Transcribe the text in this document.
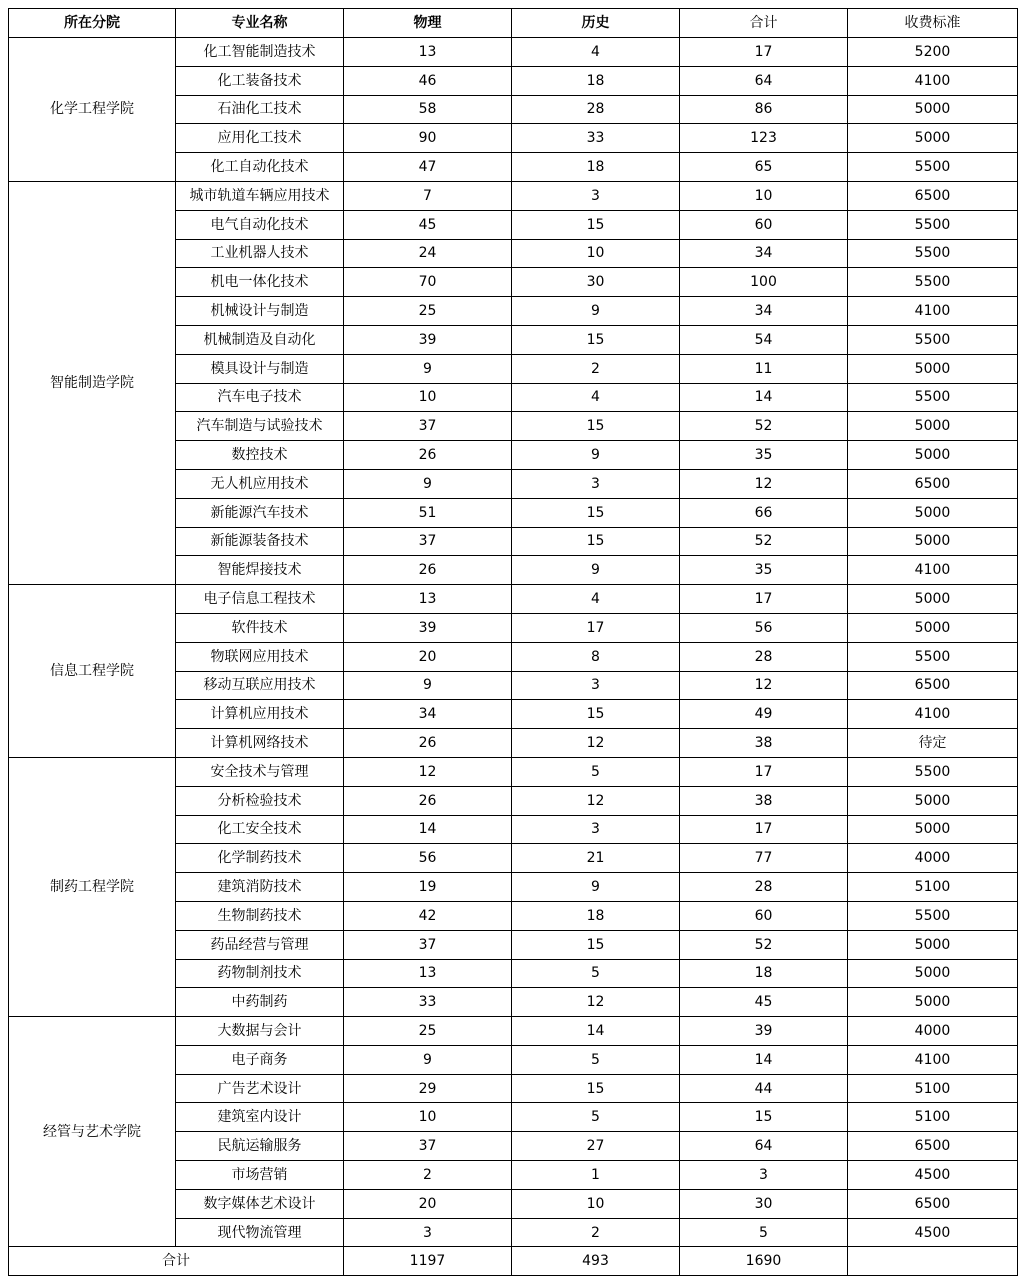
所在分院	专业名称	物理	历史	合计	收费标准
化学工程学院	化工智能制造技术	13	4	17	5200
	化工装备技术	46	18	64	4100
	石油化工技术	58	28	86	5000
	应用化工技术	90	33	123	5000
	化工自动化技术	47	18	65	5500
智能制造学院	城市轨道车辆应用技术	7	3	10	6500
	电气自动化技术	45	15	60	5500
	工业机器人技术	24	10	34	5500
	机电一体化技术	70	30	100	5500
	机械设计与制造	25	9	34	4100
	机械制造及自动化	39	15	54	5500
	模具设计与制造	9	2	11	5000
	汽车电子技术	10	4	14	5500
	汽车制造与试验技术	37	15	52	5000
	数控技术	26	9	35	5000
	无人机应用技术	9	3	12	6500
	新能源汽车技术	51	15	66	5000
	新能源装备技术	37	15	52	5000
	智能焊接技术	26	9	35	4100
信息工程学院	电子信息工程技术	13	4	17	5000
	软件技术	39	17	56	5000
	物联网应用技术	20	8	28	5500
	移动互联应用技术	9	3	12	6500
	计算机应用技术	34	15	49	4100
	计算机网络技术	26	12	38	待定
制药工程学院	安全技术与管理	12	5	17	5500
	分析检验技术	26	12	38	5000
	化工安全技术	14	3	17	5000
	化学制药技术	56	21	77	4000
	建筑消防技术	19	9	28	5100
	生物制药技术	42	18	60	5500
	药品经营与管理	37	15	52	5000
	药物制剂技术	13	5	18	5000
	中药制药	33	12	45	5000
经管与艺术学院	大数据与会计	25	14	39	4000
	电子商务	9	5	14	4100
	广告艺术设计	29	15	44	5100
	建筑室内设计	10	5	15	5100
	民航运输服务	37	27	64	6500
	市场营销	2	1	3	4500
	数字媒体艺术设计	20	10	30	6500
	现代物流管理	3	2	5	4500
合计		1197	493	1690	
